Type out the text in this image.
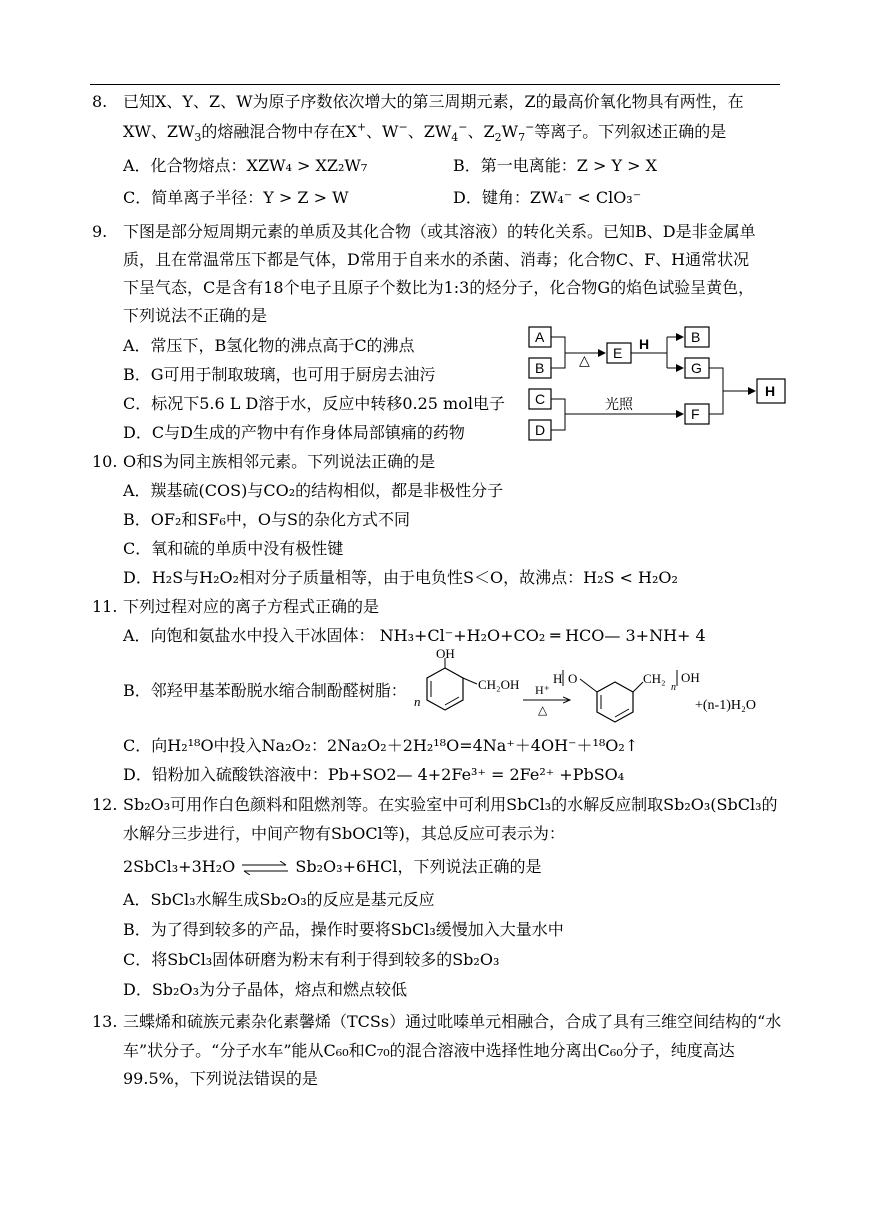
8. 已知X、Y、Z、W为原子序数依次增大的第三周期元素，Z的最高价氧化物具有两性，在
XW、$ZW_3$的熔融混合物中存在X+、W−、$ZW_4^-$、$Z_2W_7^-$等离子。下列叙述正确的是
A．化合物熔点：XZW₄ > XZ₂W₇	B．第一电离能：Z > Y > X
C．简单离子半径：Y > Z > W	D．键角：ZW₄⁻ < ClO₃⁻
9. 下图是部分短周期元素的单质及其化合物（或其溶液）的转化关系。已知B、D是非金属单
质，且在常温常压下都是气体，D常用于自来水的杀菌、消毒；化合物C、F、H通常状况
下呈气态，C是含有18个电子且原子个数比为1:3的烃分子，化合物G的焰色试验呈黄色，
下列说法不正确的是
A．常压下，B氢化物的沸点高于C的沸点
B．G可用于制取玻璃，也可用于厨房去油污
C．标况下5.6 L D溶于水，反应中转移0.25 mol电子
D．C与D生成的产物中有作身体局部镇痛的药物
A
B
C
D
△ E
H	B
G
光照
F
H
10. O和S为同主族相邻元素。下列说法正确的是
A．羰基硫(COS)与CO₂的结构相似，都是非极性分子
B．OF₂和SF₆中，O与S的杂化方式不同
C．氧和硫的单质中没有极性键
D．H₂S与H₂O₂相对分子质量相等，由于电负性S＜O，故沸点：H₂S < H₂O₂
11. 下列过程对应的离子方程式正确的是
A．向饱和氨盐水中投入干冰固体： NH₃+Cl⁻+H₂O+CO₂ ═ HCO— 3+NH+ 4
B．邻羟甲基苯酚脱水缩合制酚醛树脂：
OH
CH₂OH
n
H⁺
△
H O	CH₂
n
OH
+(n-1)H₂O
C．向H₂¹⁸O中投入Na₂O₂：2Na₂O₂＋2H₂¹⁸O=4Na⁺＋4OH⁻＋¹⁸O₂↑
D．铅粉加入硫酸铁溶液中：Pb+SO2— 4+2Fe³⁺ = 2Fe²⁺ +PbSO₄
12. Sb₂O₃可用作白色颜料和阻燃剂等。在实验室中可利用SbCl₃的水解反应制取Sb₂O₃(SbCl₃的
水解分三步进行，中间产物有SbOCl等)，其总反应可表示为：
2SbCl₃+3H₂O ⇌ Sb₂O₃+6HCl，下列说法正确的是
A．SbCl₃水解生成Sb₂O₃的反应是基元反应
B．为了得到较多的产品，操作时要将SbCl₃缓慢加入大量水中
C．将SbCl₃固体研磨为粉末有利于得到较多的Sb₂O₃
D．Sb₂O₃为分子晶体，熔点和燃点较低
13. 三蝶烯和硫族元素杂化素馨烯（TCSs）通过吡嗪单元相融合，合成了具有三维空间结构的“水
车”状分子。“分子水车”能从C₆₀和C₇₀的混合溶液中选择性地分离出C₆₀分子，纯度高达
99.5%，下列说法错误的是
